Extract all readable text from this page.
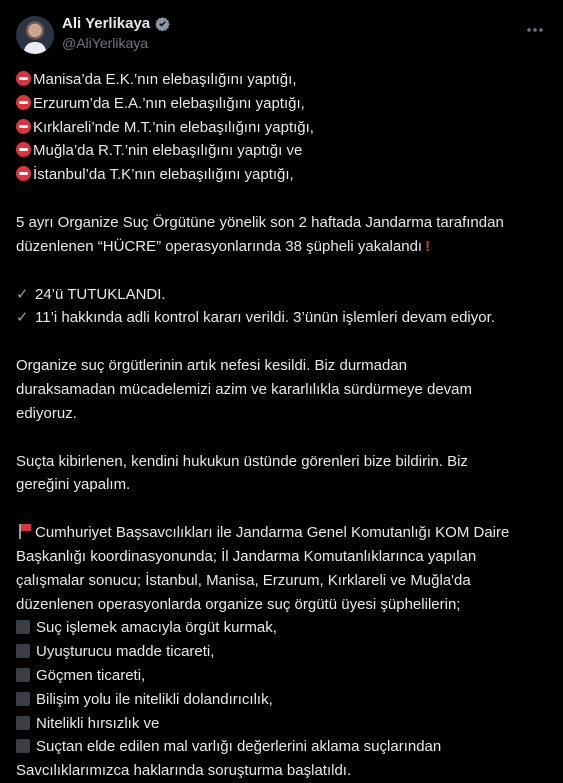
Ali Yerlikaya
@AliYerlikaya
Manisa’da E.K.’nın elebaşılığını yaptığı,
Erzurum’da E.A.’nın elebaşılığını yaptığı,
Kırklareli’nde M.T.’nin elebaşılığını yaptığı,
Muğla’da R.T.’nin elebaşılığını yaptığı ve
İstanbul’da T.K’nın elebaşılığını yaptığı,
5 ayrı Organize Suç Örgütüne yönelik son 2 haftada Jandarma tarafından
düzenlenen “HÜCRE” operasyonlarında 38 şüpheli yakalandı !
✓ 24’ü TUTUKLANDI.
✓ 11’i hakkında adli kontrol kararı verildi. 3’ünün işlemleri devam ediyor.
Organize suç örgütlerinin artık nefesi kesildi. Biz durmadan
duraksamadan mücadelemizi azim ve kararlılıkla sürdürmeye devam
ediyoruz.
Suçta kibirlenen, kendini hukukun üstünde görenleri bize bildirin. Biz
gereğini yapalım.
Cumhuriyet Başsavcılıkları ile Jandarma Genel Komutanlığı KOM Daire
Başkanlığı koordinasyonunda; İl Jandarma Komutanlıklarınca yapılan
çalışmalar sonucu; İstanbul, Manisa, Erzurum, Kırklareli ve Muğla'da
düzenlenen operasyonlarda organize suç örgütü üyesi şüphelilerin;
Suç işlemek amacıyla örgüt kurmak,
Uyuşturucu madde ticareti,
Göçmen ticareti,
Bilişim yolu ile nitelikli dolandırıcılık,
Nitelikli hırsızlık ve
Suçtan elde edilen mal varlığı değerlerini aklama suçlarından
Savcılıklarımızca haklarında soruşturma başlatıldı.
